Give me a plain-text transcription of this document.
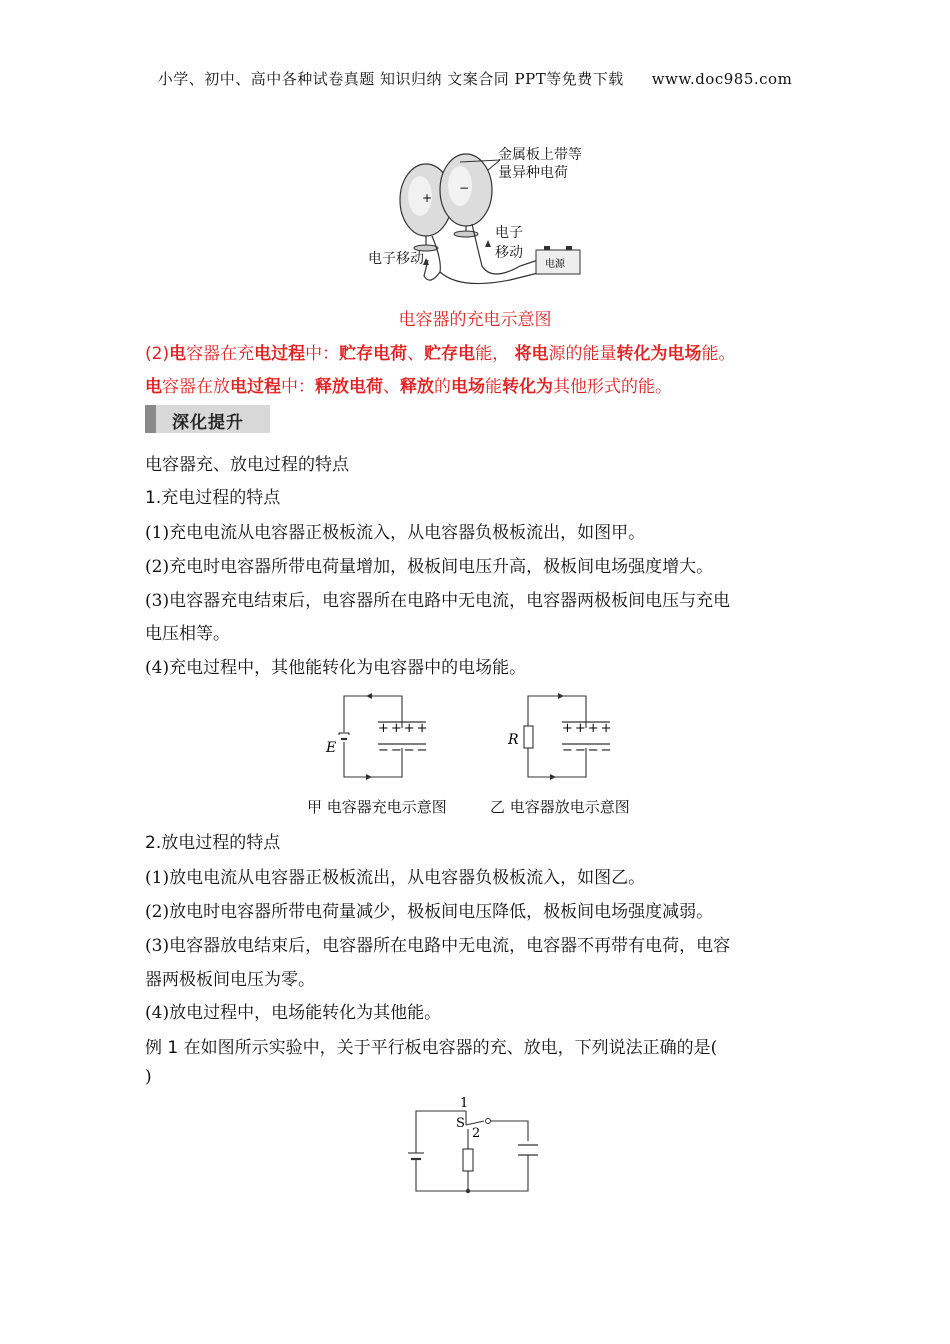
小学、初中、高中各种试卷真题 知识归纳 文案合同 PPT等免费下载 www.doc985.com
+
−
电源
金属板上带等
量异种电荷
电子移动
电子
移动
电容器的充电示意图
(2)电容器在充电过程中：贮存电荷、贮存电能， 将电源的能量转化为电场能。
电容器在放电过程中：释放电荷、释放的电场能转化为其他形式的能。
深化提升
电容器充、放电过程的特点
1.充电过程的特点
(1)充电电流从电容器正极板流入，从电容器负极板流出，如图甲。
(2)充电时电容器所带电荷量增加，极板间电压升高，极板间电场强度增大。
(3)电容器充电结束后，电容器所在电路中无电流，电容器两极板间电压与充电
电压相等。
(4)充电过程中，其他能转化为电容器中的电场能。
E
++++
−−−−
R
++++
−−−−
甲 电容器充电示意图	乙 电容器放电示意图
2.放电过程的特点
(1)放电电流从电容器正极板流出，从电容器负极板流入，如图乙。
(2)放电时电容器所带电荷量减少，极板间电压降低，极板间电场强度减弱。
(3)电容器放电结束后，电容器所在电路中无电流，电容器不再带有电荷，电容
器两极板间电压为零。
(4)放电过程中，电场能转化为其他能。
例 1 在如图所示实验中，关于平行板电容器的充、放电，下列说法正确的是(
)
1
S
2
